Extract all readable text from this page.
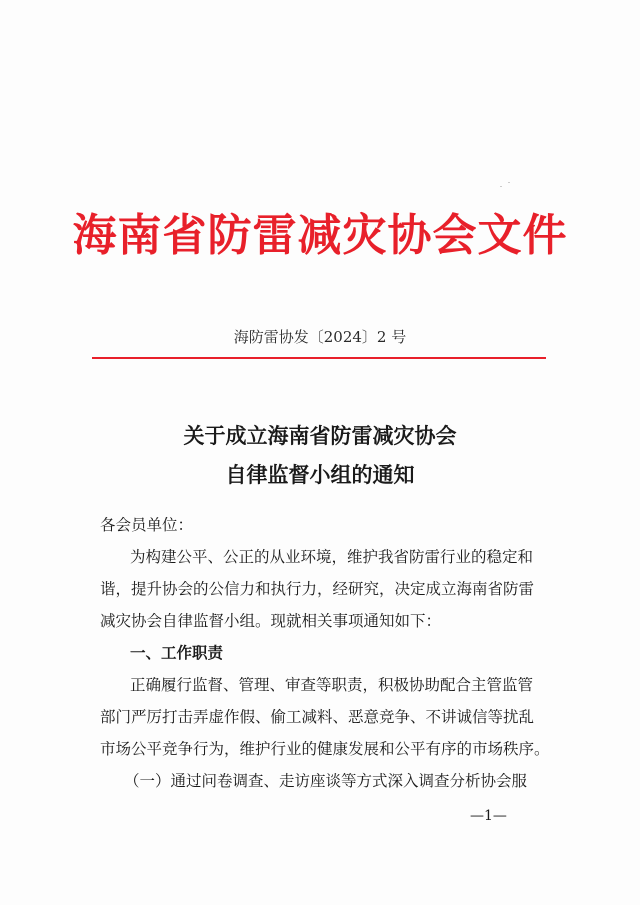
海南省防雷减灾协会文件
海防雷协发〔2024〕2 号
关于成立海南省防雷减灾协会
自律监督小组的通知
各会员单位：
为构建公平、公正的从业环境，维护我省防雷行业的稳定和
谐，提升协会的公信力和执行力，经研究，决定成立海南省防雷
减灾协会自律监督小组。现就相关事项通知如下：
一、工作职责
正确履行监督、管理、审查等职责，积极协助配合主管监管
部门严厉打击弄虚作假、偷工减料、恶意竞争、不讲诚信等扰乱
市场公平竞争行为，维护行业的健康发展和公平有序的市场秩序。
（一）通过问卷调查、走访座谈等方式深入调查分析协会服
—1—
